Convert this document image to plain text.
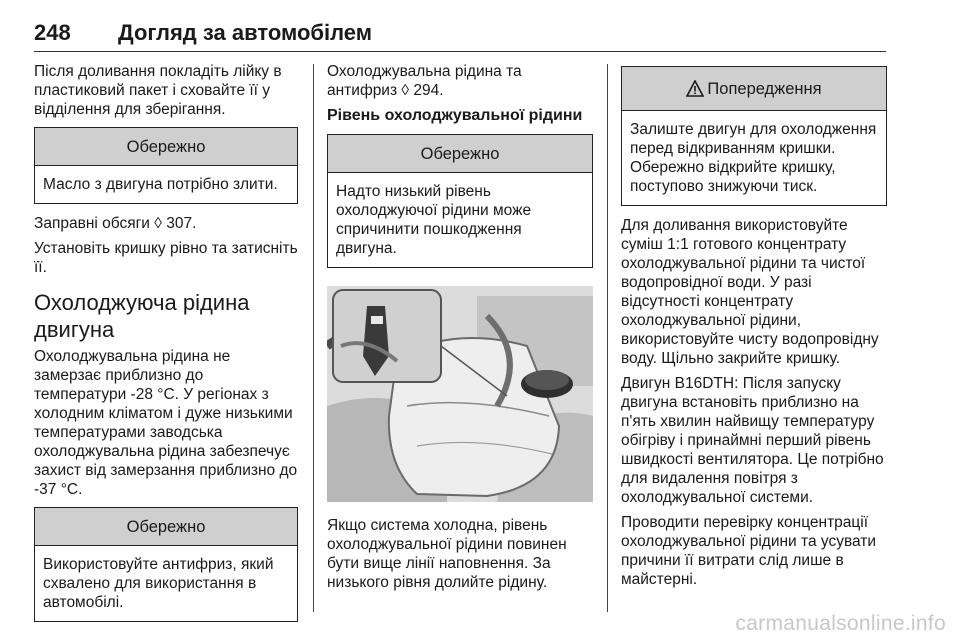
248 Догляд за автомобілем

Після доливання покладіть лійку в пластиковий пакет і сховайте її у відділення для зберігання.

Обережно
Масло з двигуна потрібно злити.

Заправні обсяги ◊ 307.

Установіть кришку рівно та затисніть її.

Охолоджуюча рідина двигуна

Охолоджувальна рідина не замерзає приблизно до температури -28 °C. У регіонах з холодним кліматом і дуже низькими температурами заводська охолоджувальна рідина забезпечує захист від замерзання приблизно до -37 °C.

Обережно
Використовуйте антифриз, який схвалено для використання в автомобілі.

Охолоджувальна рідина та антифриз ◊ 294.

Рівень охолоджувальної рідини
Обережно
Надто низький рівень охолоджуючої рідини може спричинити пошкодження двигуна.

Якщо система холодна, рівень охолоджувальної рідини повинен бути вище лінії наповнення. За низького рівня долийте рідину.

Попередження
Залиште двигун для охолодження перед відкриванням кришки. Обережно відкрийте кришку, поступово знижуючи тиск.

Для доливання використовуйте суміш 1:1 готового концентрату охолоджувальної рідини та чистої водопровідної води. У разі відсутності концентрату охолоджувальної рідини, використовуйте чисту водопровідну воду. Щільно закрийте кришку.

Двигун B16DTH: Після запуску двигуна встановіть приблизно на п'ять хвилин найвищу температуру обігріву і принаймні перший рівень швидкості вентилятора. Це потрібно для видалення повітря з охолоджувальної системи.

Проводити перевірку концентрації охолоджувальної рідини та усувати причини її витрати слід лише в майстерні.

carmanualsonline.info
